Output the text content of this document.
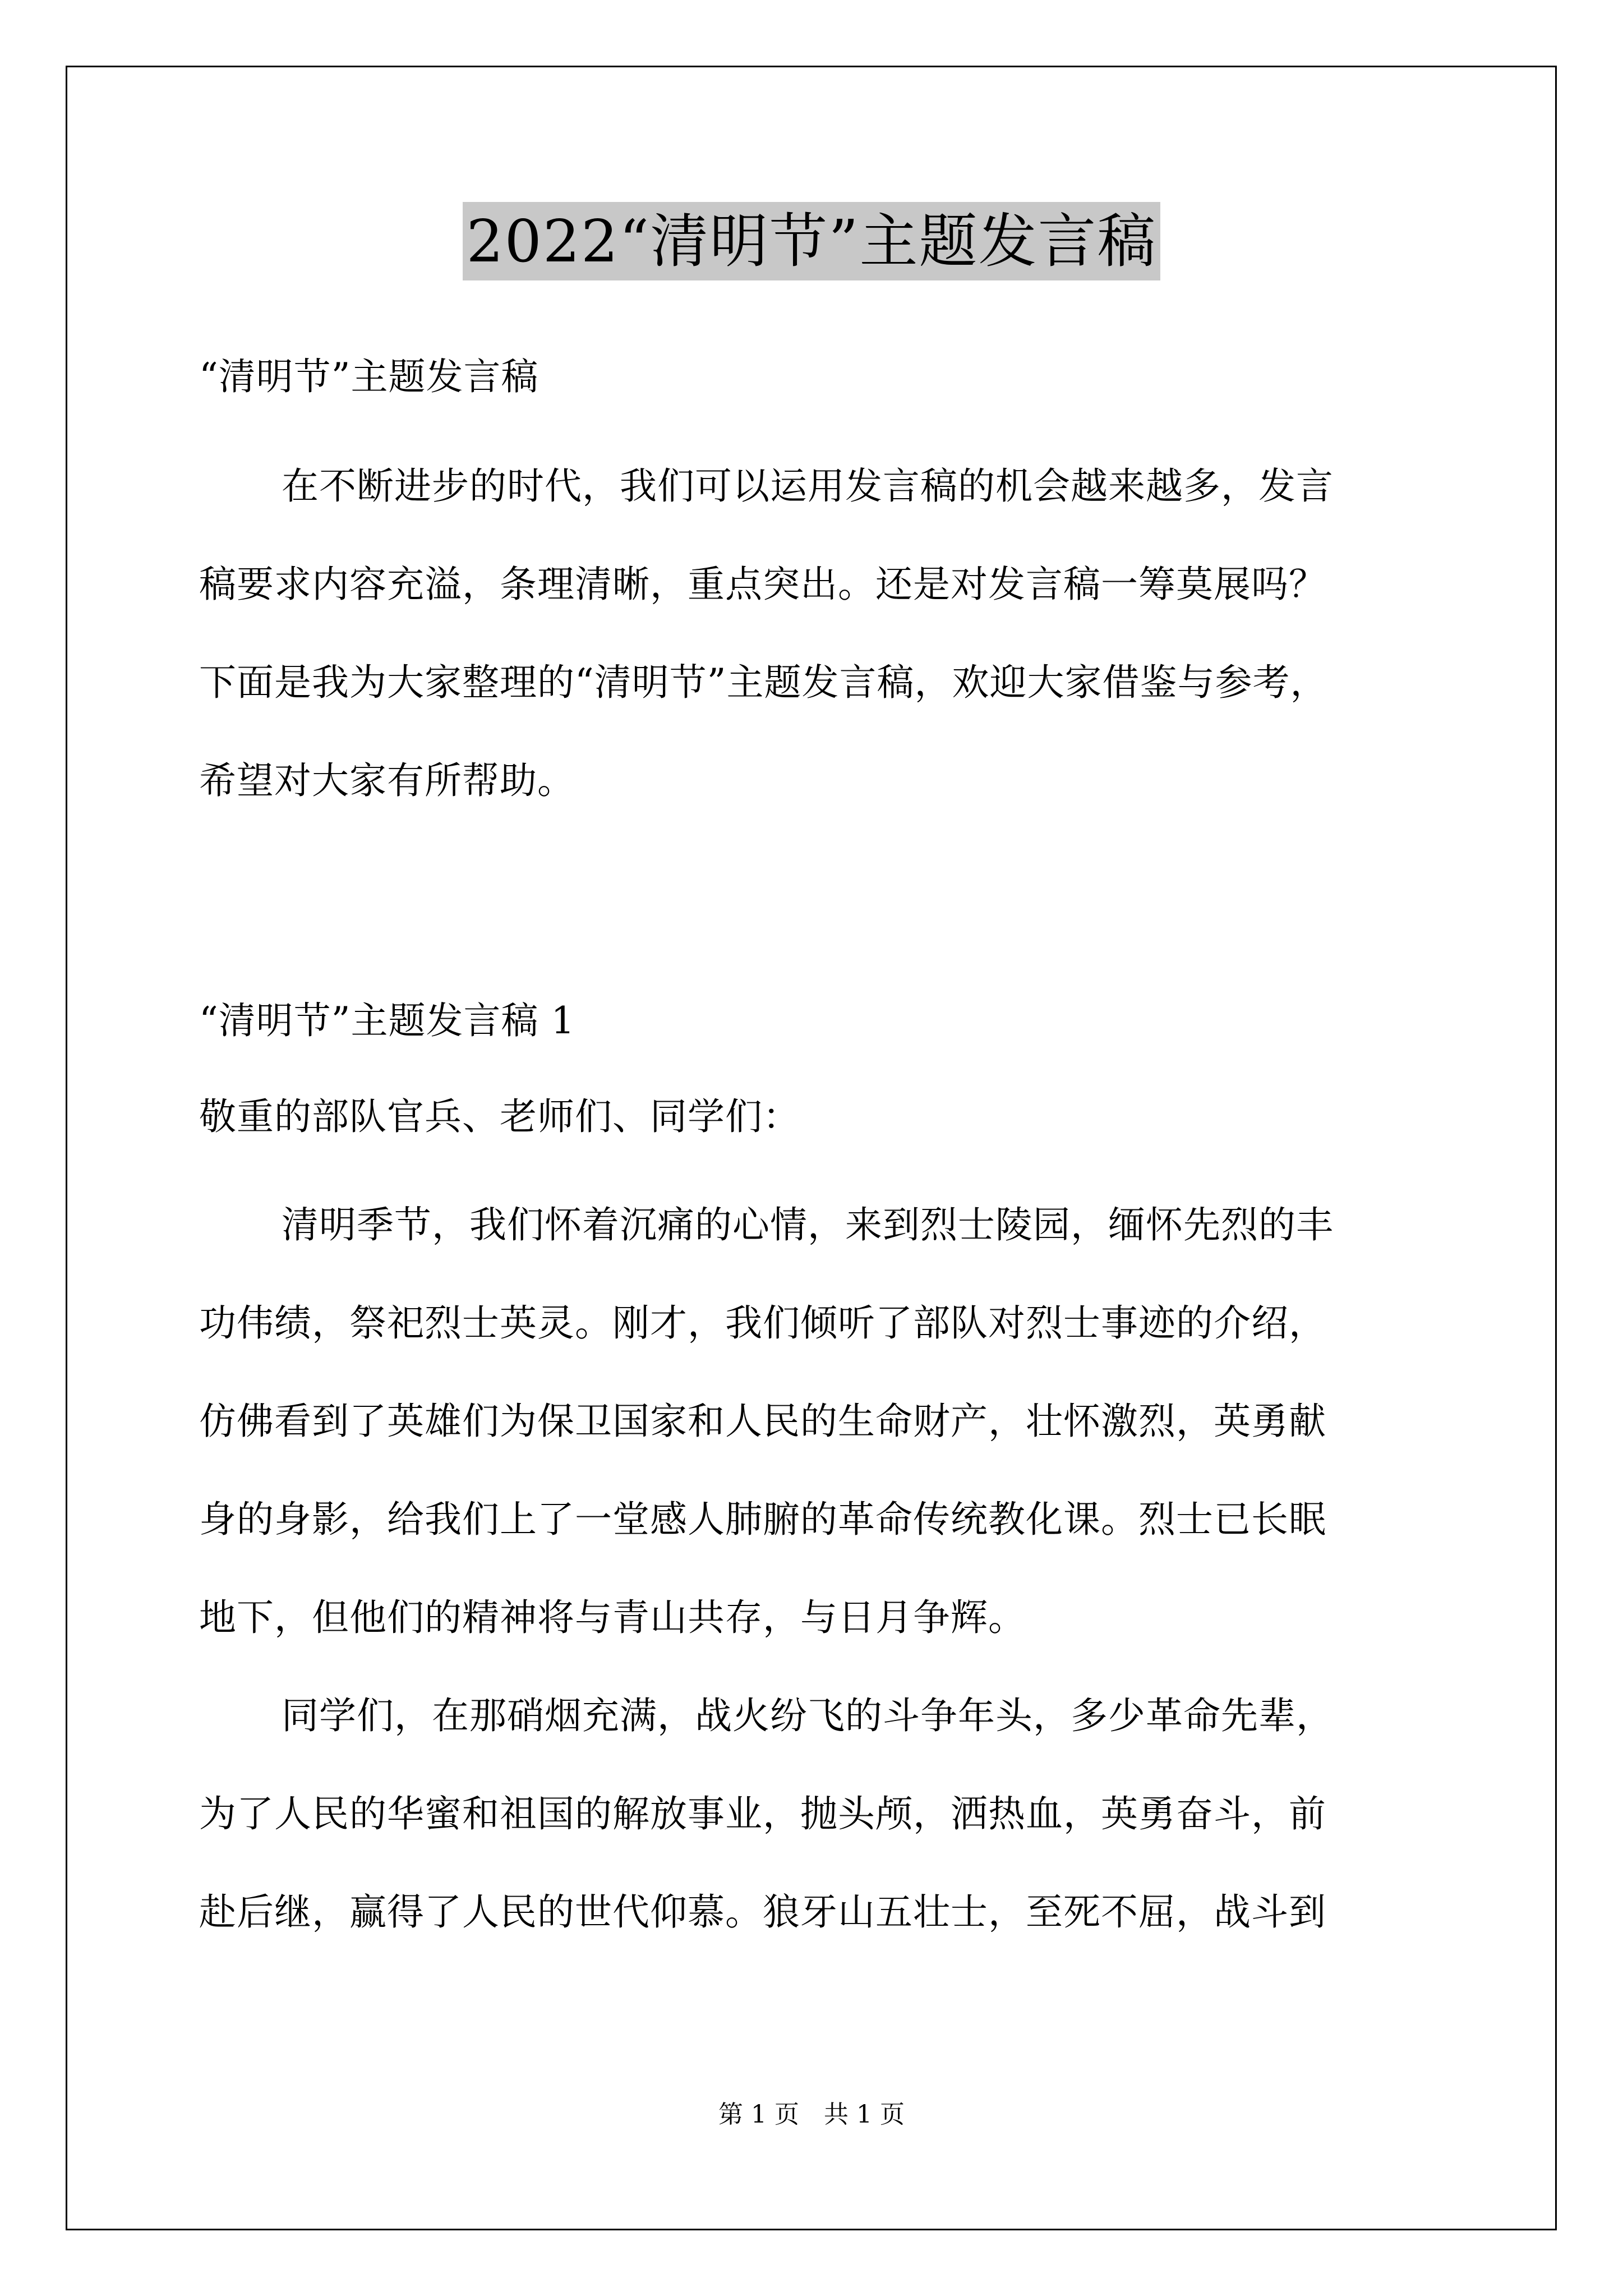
2022“清明节”主题发言稿
“清明节”主题发言稿
在不断进步的时代，我们可以运用发言稿的机会越来越多，发言
稿要求内容充溢，条理清晰，重点突出。还是对发言稿一筹莫展吗？
下面是我为大家整理的“清明节”主题发言稿，欢迎大家借鉴与参考，
希望对大家有所帮助。
“清明节”主题发言稿 1
敬重的部队官兵、老师们、同学们：
清明季节，我们怀着沉痛的心情，来到烈士陵园，缅怀先烈的丰
功伟绩，祭祀烈士英灵。刚才，我们倾听了部队对烈士事迹的介绍，
仿佛看到了英雄们为保卫国家和人民的生命财产，壮怀激烈，英勇献
身的身影，给我们上了一堂感人肺腑的革命传统教化课。烈士已长眠
地下，但他们的精神将与青山共存，与日月争辉。
同学们，在那硝烟充满，战火纷飞的斗争年头，多少革命先辈，
为了人民的华蜜和祖国的解放事业，抛头颅，洒热血，英勇奋斗，前
赴后继，赢得了人民的世代仰慕。狼牙山五壮士，至死不屈，战斗到
第 1 页 共 1 页
